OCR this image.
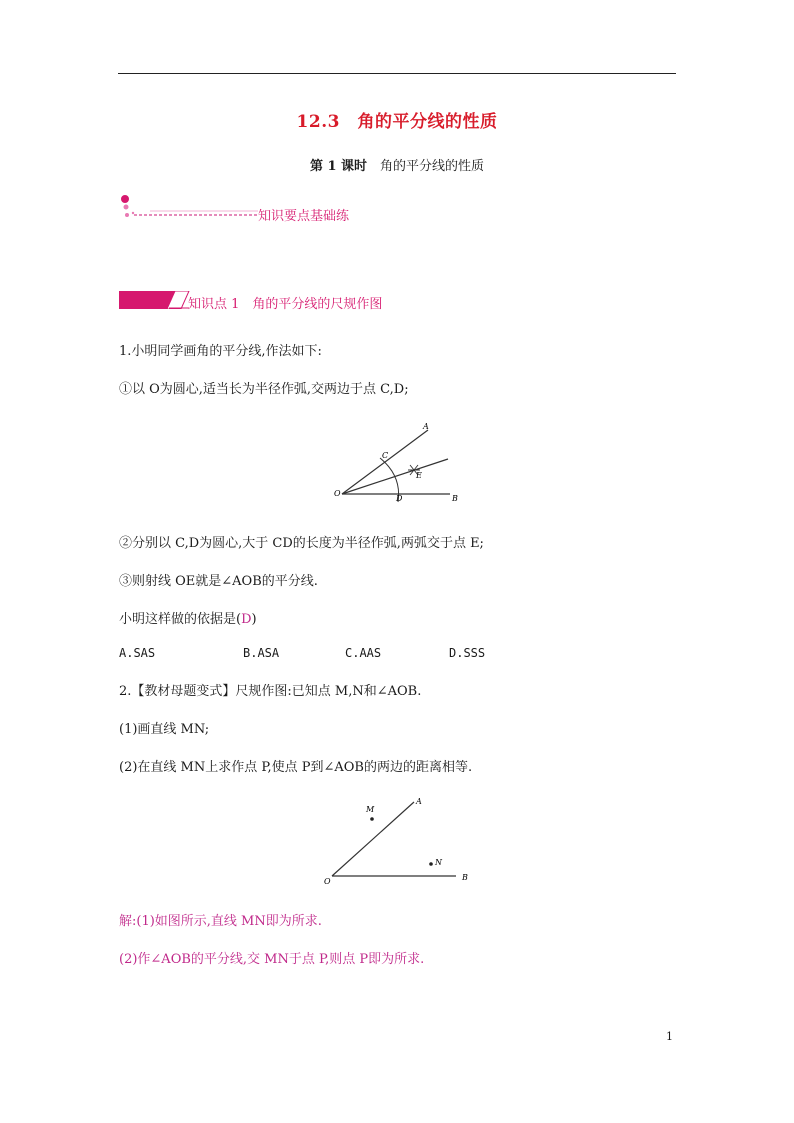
12.3　角的平分线的性质
第 1 课时　角的平分线的性质
知识要点基础练
知识点 1　角的平分线的尺规作图
1.小明同学画角的平分线,作法如下:
①以 O为圆心,适当长为半径作弧,交两边于点 C,D;
A
B
C
D
E
O
②分别以 C,D为圆心,大于 CD的长度为半径作弧,两弧交于点 E;
③则射线 OE就是∠AOB的平分线.
小明这样做的依据是(D)
A.SAS	B.ASA	C.AAS	D.SSS
2.【教材母题变式】尺规作图:已知点 M,N和∠AOB.
(1)画直线 MN;
(2)在直线 MN上求作点 P,使点 P到∠AOB的两边的距离相等.
A
B
O
M
N
解:(1)如图所示,直线 MN即为所求.
(2)作∠AOB的平分线,交 MN于点 P,则点 P即为所求.
1
